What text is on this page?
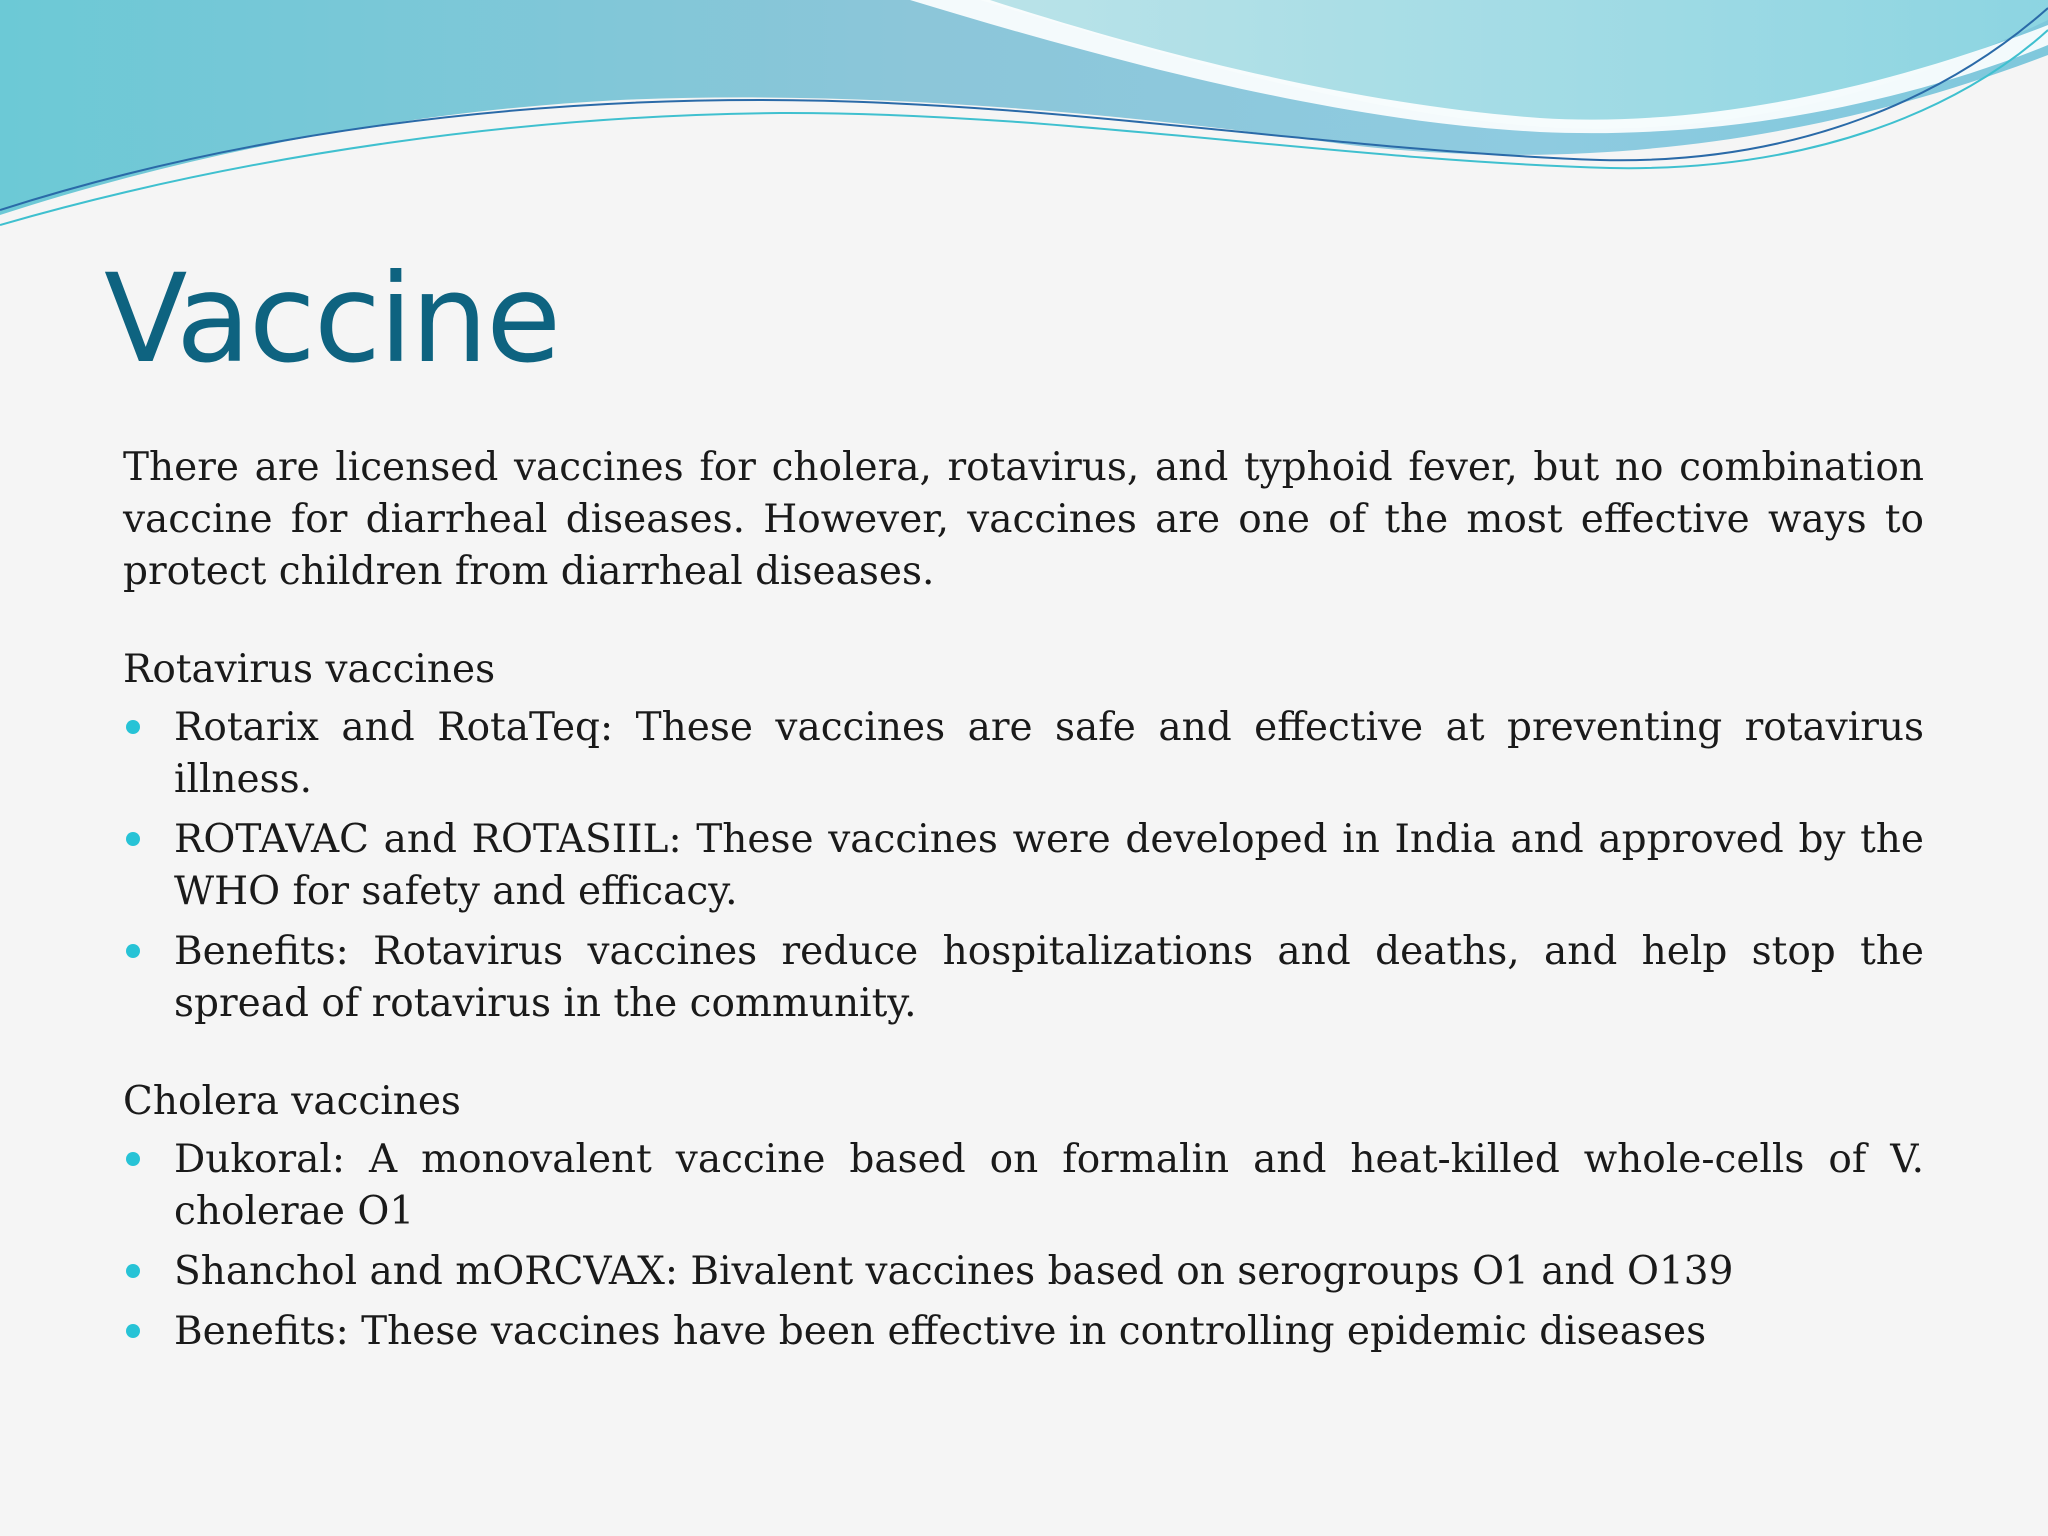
Vaccine

There are licensed vaccines for cholera, rotavirus, and typhoid fever, but no combination vaccine for diarrheal diseases. However, vaccines are one of the most effective ways to protect children from diarrheal diseases.

Rotavirus vaccines
Rotarix and RotaTeq: These vaccines are safe and effective at preventing rotavirus illness.
ROTAVAC and ROTASIIL: These vaccines were developed in India and approved by the WHO for safety and efficacy.
Benefits: Rotavirus vaccines reduce hospitalizations and deaths, and help stop the spread of rotavirus in the community.
Cholera vaccines
Dukoral: A monovalent vaccine based on formalin and heat-killed whole-cells of V. cholerae O1
Shanchol and mORCVAX: Bivalent vaccines based on serogroups O1 and O139
Benefits: These vaccines have been effective in controlling epidemic diseases
